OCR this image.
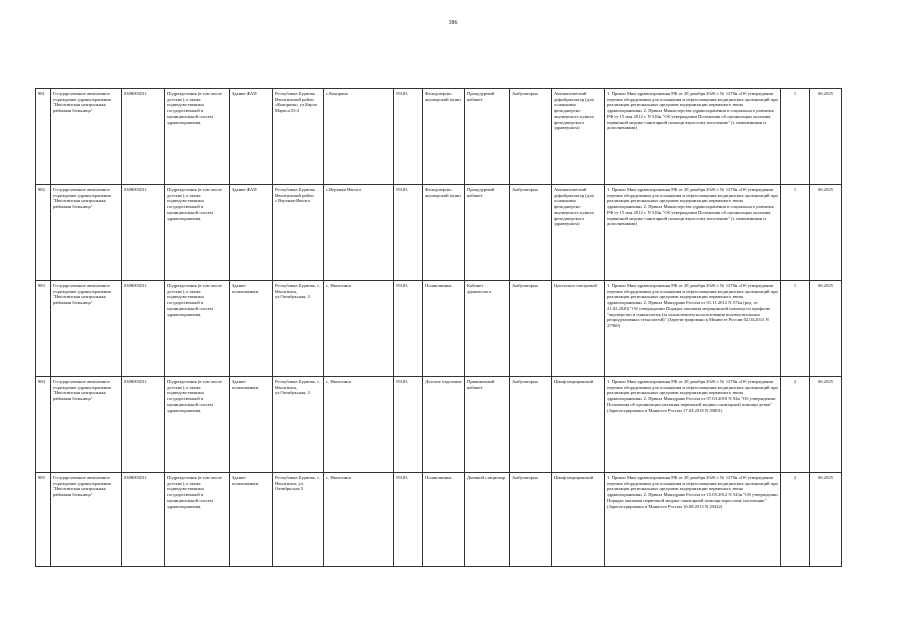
386
881	Государственное автономное учреждение здравоохранения "Иволгинская центральная районная больница"	0308003011	Подразделения (в том числе детские), а также подведомственных государственной и муниципальной систем здравоохранения.	Здание ФАП	Республика Бурятия, Иволгинский район «Кокорино» ул.Карла Маркса,53-2	с.Кокорино	59185	Фельдшерско акушерский пункт	Процедурный кабинет	Амбулаторно	Автоматический дефибриллятор (для оснащения фельдшерско-акушерского пункта, фельдшерского здравпункта)	1. Приказ Мин здравоохранения РФ от 28 декабря 2020 г. № 1379н «Об утверждении перечня оборудования для оснащения и переоснащения медицинских организаций при реализации региональных программ модернизации первичного звена здравоохранения» 2. Приказ Министерства здравоохранения и социального развития РФ от 15 мая 2012 г. N 543н "Об утверждении Положения об организации оказания первичной медико-санитарной помощи взрослому населению" (с изменениями и дополнениями)	1	06.2025
882	Государственное автономное учреждение здравоохранения "Иволгинская центральная районная больница"	0308003011	Подразделения (в том числе детские), а также подведомственных государственной и муниципальной систем здравоохранения.	Здание ФАП	Республика Бурятия, Иволгинский район с.Верхняя-Иволга	с.Верхняя-Иволга	59185	Фельдшерско акушерский пункт	Процедурный кабинет	Амбулаторно	Автоматический дефибриллятор (для оснащения фельдшерско-акушерского пункта, фельдшерского здравпункта)	1. Приказ Мин здравоохранения РФ от 28 декабря 2020 г. № 1379н «Об утверждении перечня оборудования для оснащения и переоснащения медицинских организаций при реализации региональных программ модернизации первичного звена здравоохранения» 2. Приказ Министерства здравоохранения и социального развития РФ от 15 мая 2012 г. N 543н "Об утверждении Положения об организации оказания первичной медико-санитарной помощи взрослому населению" (с изменениями и дополнениями)	1	06.2025
883	Государственное автономное учреждение здравоохранения "Иволгинская центральная районная больница"	0308003011	Подразделения (в том числе детские), а также подведомственных государственной и муниципальной систем здравоохранения.	Здание поликлиники	Республика Бурятия, с. Иволгинск, ул.Октябрьская, 3	с. Иволгинск	59185	Поликлиника	Кабинет дерматолога	Амбулаторно	Цистоскоп смотровой	1. Приказ Мин здравоохранения РФ от 28 декабря 2020 г. № 1379н «Об утверждении перечня оборудования для оснащения и переоснащения медицинских организаций при реализации региональных программ модернизации первичного звена здравоохранения» 2. Приказ Минздрава России от 01.11.2012 N 572н (ред. от 21.02.2020) "Об утверждении Порядка оказания медицинской помощи по профилю "акушерство и гинекология (за исключением использования вспомогательных репродуктивных технологий)" (Зарегистрировано в Минюсте России 02.04.2013 N 27960)	1	06.2025
884	Государственное автономное учреждение здравоохранения "Иволгинская центральная районная больница"	0308003011	Подразделения (в том числе детские), а также подведомственных государственной и муниципальной систем здравоохранения.	Здание поликлиники	Республика Бурятия, с. Иволгинск, ул.Октябрьская, 3	с. Иволгинск	59185	Детское отделение	Прививочный кабинет	Амбулаторно	Шкаф медицинский	1. Приказ Мин здравоохранения РФ от 28 декабря 2020 г. № 1379н «Об утверждении перечня оборудования для оснащения и переоснащения медицинских организаций при реализации региональных программ модернизации первичного звена здравоохранения» 2. Приказ Минздрава России от 07.03.2018 N 92н "Об утверждении Положения об организации оказания первичной медико-санитарной помощи детям" (Зарегистрировано в Минюсте России 17.04.2018 N 50801)	2	06.2025
885	Государственное автономное учреждение здравоохранения "Иволгинская центральная районная больница"	0308003011	Подразделения (в том числе детские), а также подведомственных государственной и муниципальной систем здравоохранения.	Здание поликлиники	Республика Бурятия, с. Иволгинск, ул. Октябрьская 3	с. Иволгинск	59185	Поликлиника	Дневной стационар	Амбулаторно	Шкаф медицинский	1. Приказ Мин здравоохранения РФ от 28 декабря 2020 г. № 1379н «Об утверждении перечня оборудования для оснащения и переоснащения медицинских организаций при реализации региональных программ модернизации первичного звена здравоохранения» 2. Приказ Минздрава России от 15.05.2012 N 543н "Об утверждении Порядка оказания первичной медико-санитарной помощи взрослому населению" (Зарегистрировано в Минюсте России 16.08.2013 N 29422)	2	06.2025
